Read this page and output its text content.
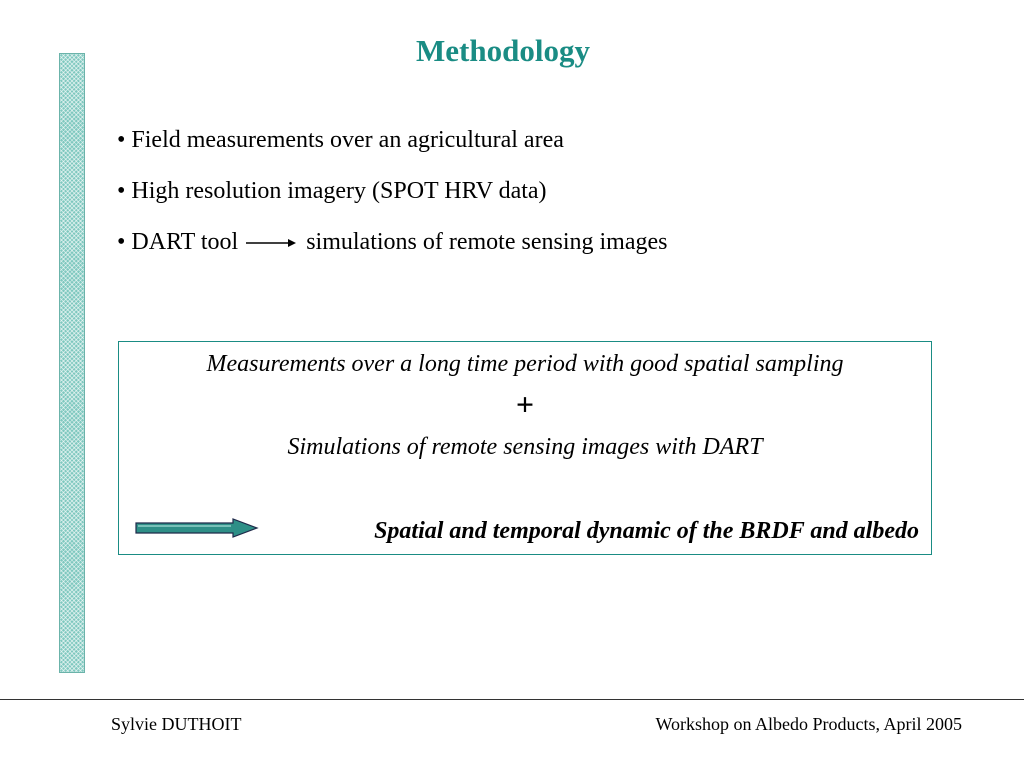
Methodology
• Field measurements over an agricultural area
• High resolution imagery (SPOT HRV data)
• DART tool	simulations of remote sensing images
Measurements over a long time period with good spatial sampling
+
Simulations of remote sensing images with DART
Spatial and temporal dynamic of the BRDF and albedo
Sylvie DUTHOIT	Workshop on Albedo Products, April 2005
